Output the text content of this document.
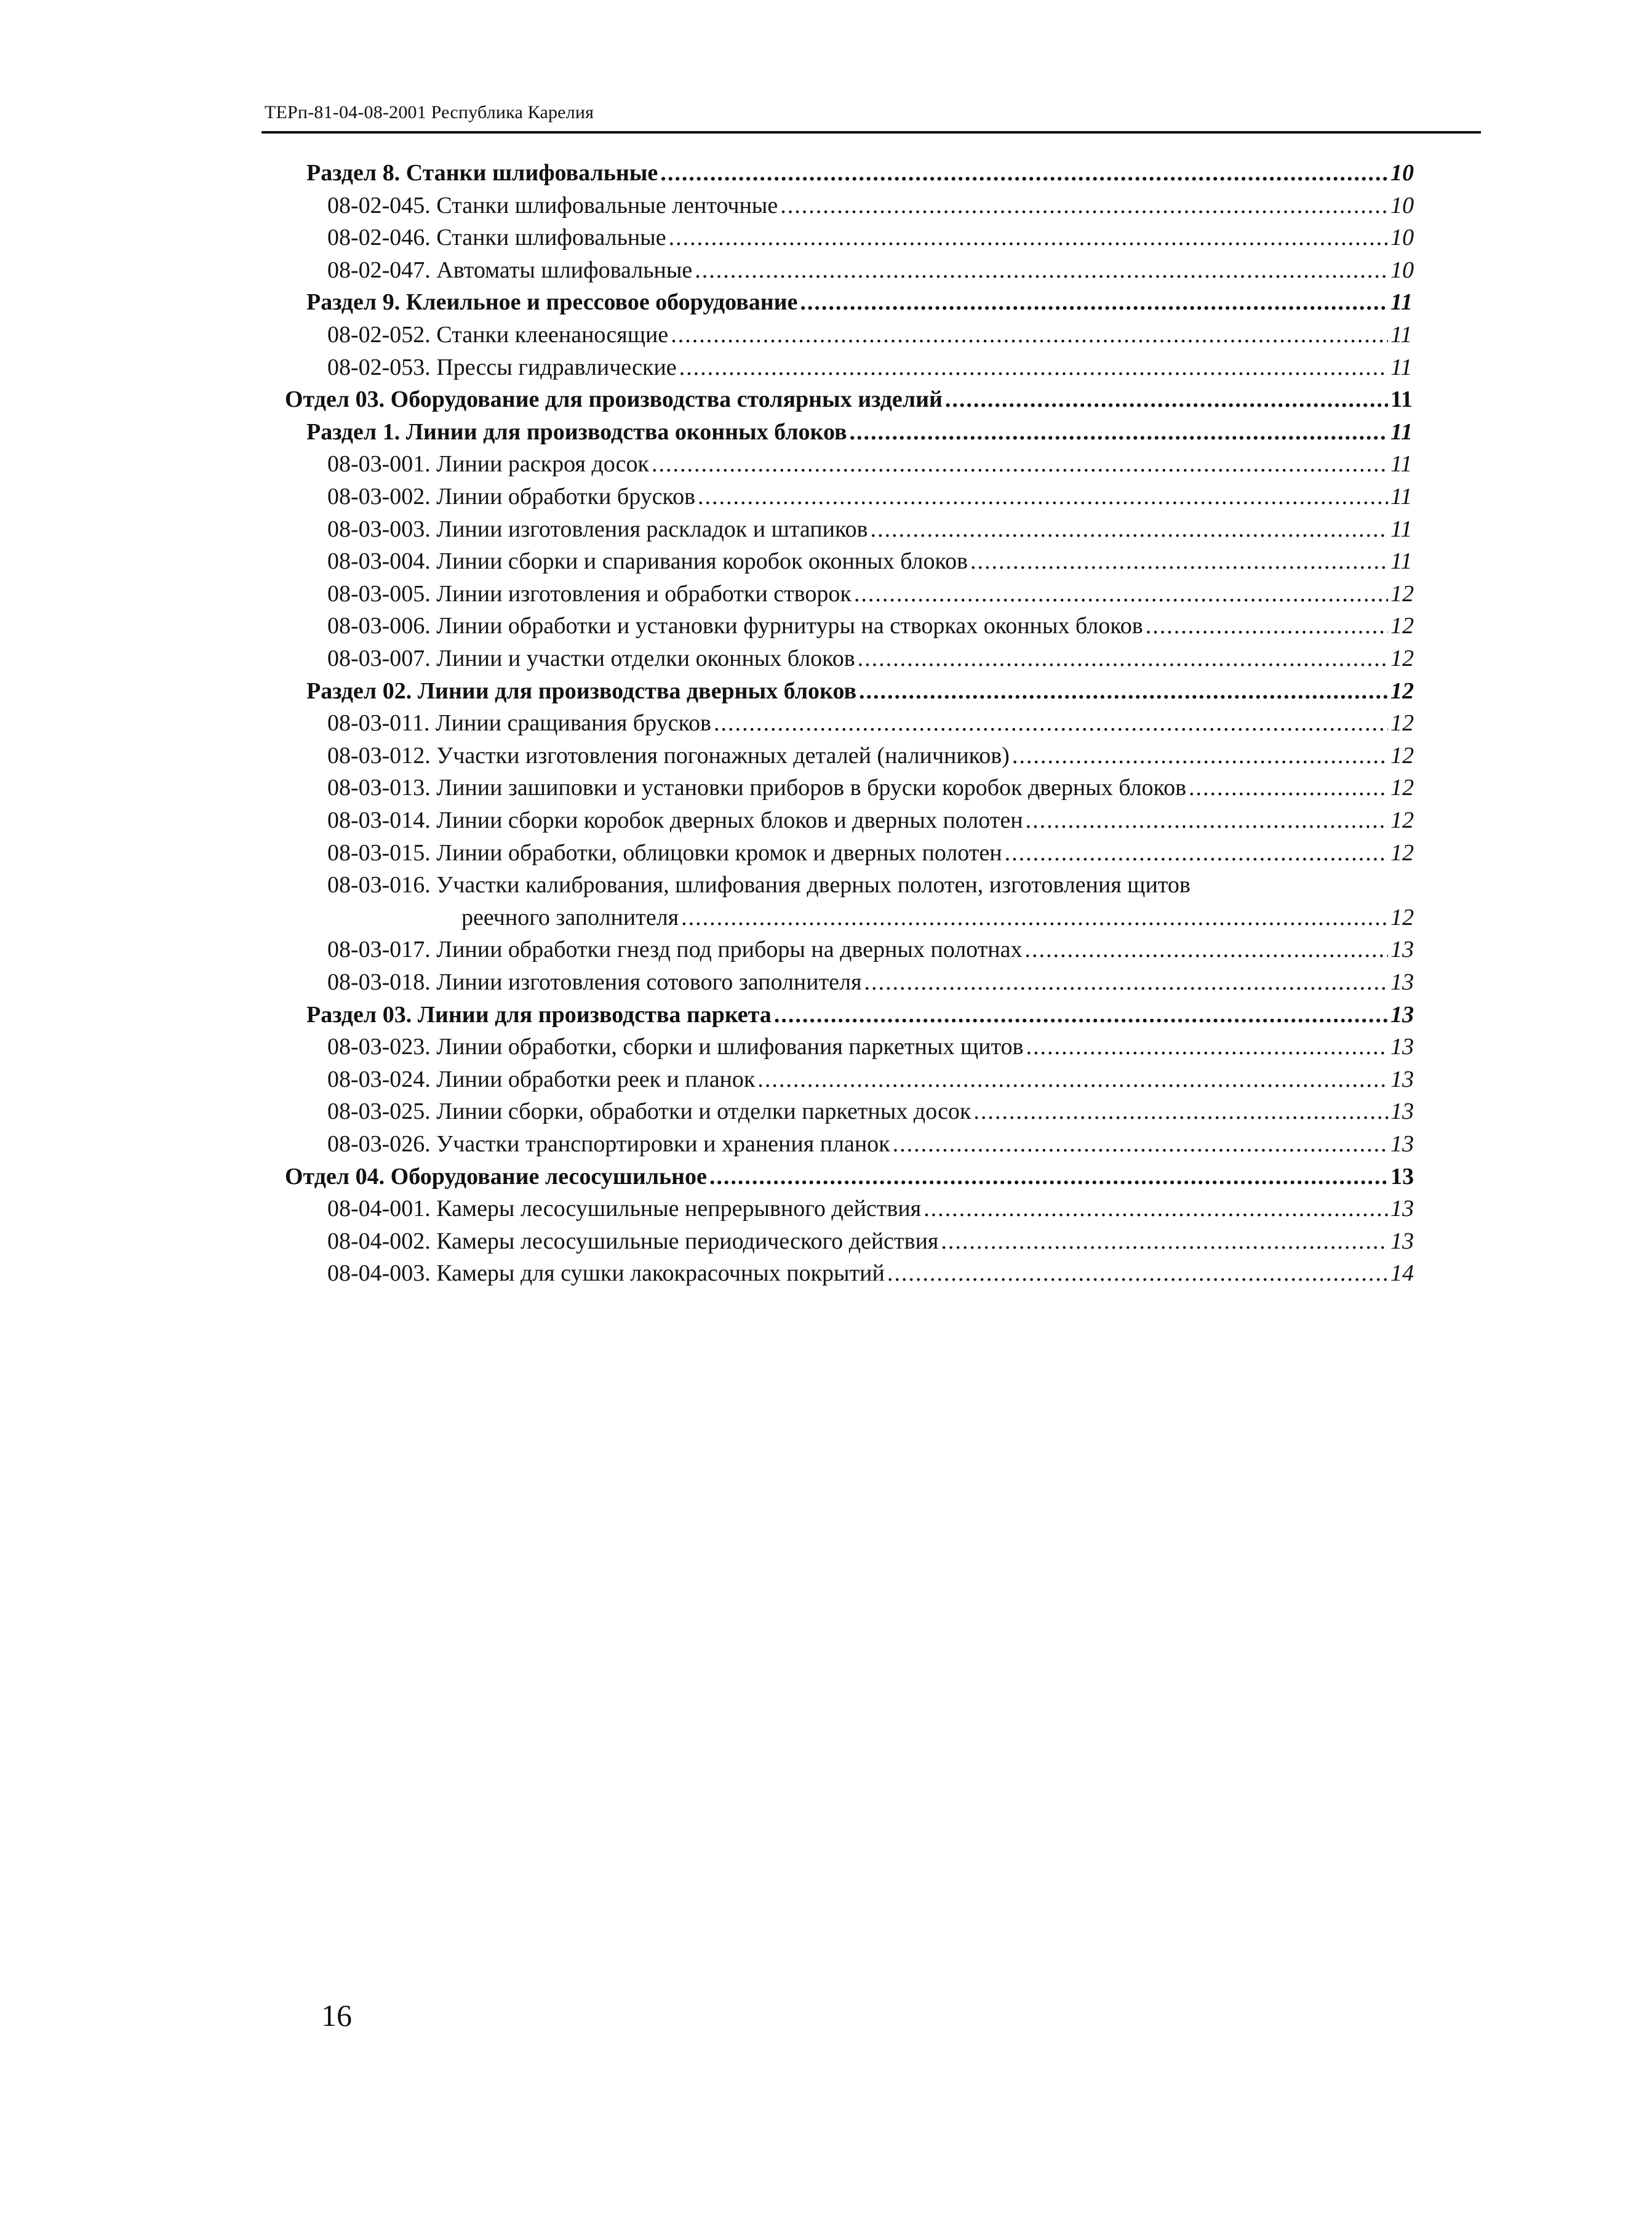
ТЕРп-81-04-08-2001 Республика Карелия
Раздел 8. Станки шлифовальные .....	10
08-02-045. Станки шлифовальные ленточные .....	10
08-02-046. Станки шлифовальные .....	10
08-02-047. Автоматы шлифовальные .....	10
Раздел 9. Клеильное и прессовое оборудование .....	11
08-02-052. Станки клеенаносящие .....	11
08-02-053. Прессы гидравлические .....	11
Отдел 03. Оборудование для производства столярных изделий .....	11
Раздел 1. Линии для производства оконных блоков .....	11
08-03-001. Линии раскроя досок .....	11
08-03-002. Линии обработки брусков .....	11
08-03-003. Линии изготовления раскладок и штапиков .....	11
08-03-004. Линии сборки и спаривания коробок оконных блоков .....	11
08-03-005. Линии изготовления и обработки створок .....	12
08-03-006. Линии обработки и установки фурнитуры на створках оконных блоков .....	12
08-03-007. Линии и участки отделки оконных блоков .....	12
Раздел 02. Линии для производства дверных блоков .....	12
08-03-011. Линии сращивания брусков .....	12
08-03-012. Участки изготовления погонажных деталей (наличников) .....	12
08-03-013. Линии зашиповки и установки приборов в бруски коробок дверных блоков .....	12
08-03-014. Линии сборки коробок дверных блоков и дверных полотен .....	12
08-03-015. Линии обработки, облицовки кромок и дверных полотен .....	12
08-03-016. Участки калибрования, шлифования дверных полотен, изготовления щитов
реечного заполнителя .....	12
08-03-017. Линии обработки гнезд под приборы на дверных полотнах .....	13
08-03-018. Линии изготовления сотового заполнителя .....	13
Раздел 03. Линии для производства паркета .....	13
08-03-023. Линии обработки, сборки и шлифования паркетных щитов .....	13
08-03-024. Линии обработки реек и планок .....	13
08-03-025. Линии сборки, обработки и отделки паркетных досок .....	13
08-03-026. Участки транспортировки и хранения планок .....	13
Отдел 04. Оборудование лесосушильное .....	13
08-04-001. Камеры лесосушильные непрерывного действия .....	13
08-04-002. Камеры лесосушильные периодического действия .....	13
08-04-003. Камеры для сушки лакокрасочных покрытий .....	14
16
